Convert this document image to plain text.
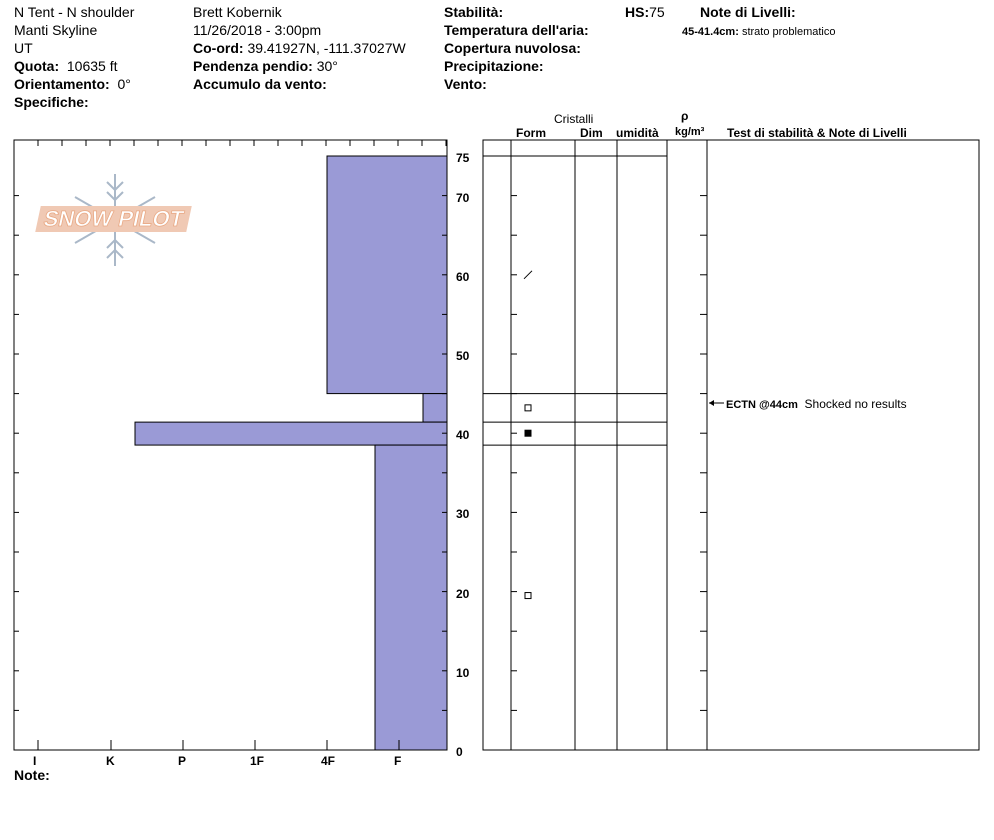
N Tent - N shoulder
Manti Skyline
UT
Quota: 10635 ft
Orientamento: 0°
Specifiche:
Brett Kobernik
11/26/2018 - 3:00pm
Co-ord: 39.41927N, -111.37027W
Pendenza pendio: 30°
Accumulo da vento:
Stabilità:
Temperatura dell'aria:
Copertura nuvolosa:
Precipitazione:
Vento:
HS:75	Note di Livelli:
45-41.4cm: strato problematico
Cristalli
Form	Dim umidità
ρ
kg/m³ Test di stabilità & Note di Livelli
SNOW PILOT
75
70
60
50
40
30
20
10
0
I	K	P	1F	4F	F
Note:
ECTN @44cm Shocked no results
